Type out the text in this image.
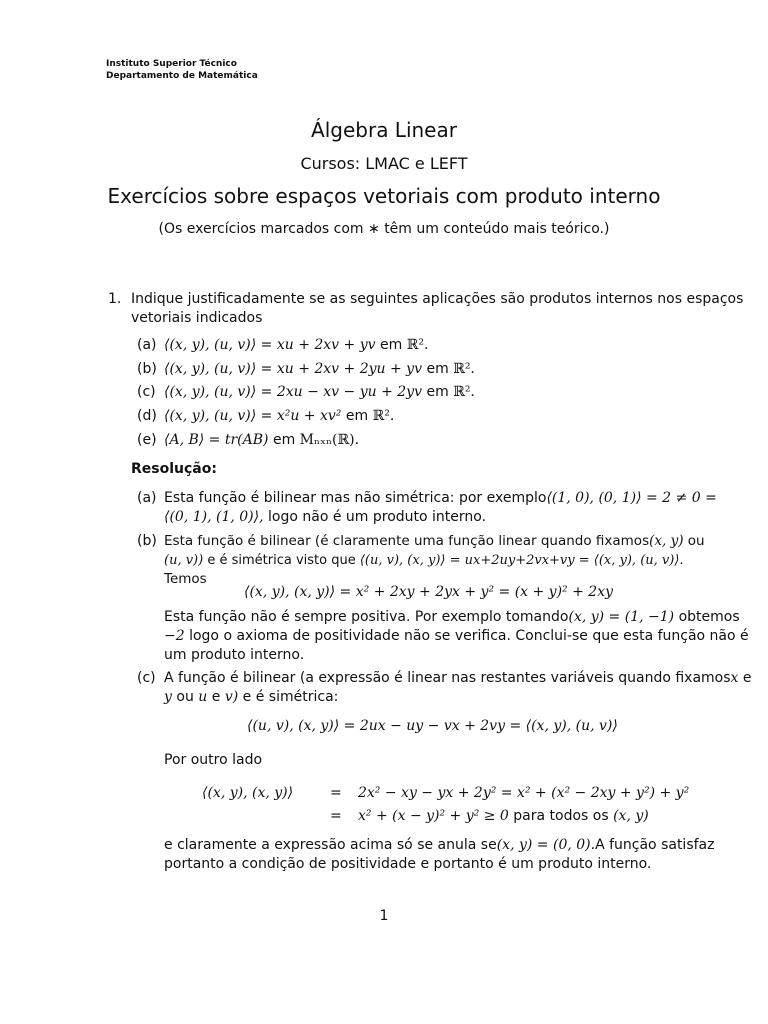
Instituto Superior Técnico
Departamento de Matemática
Álgebra Linear
Cursos: LMAC e LEFT
Exercícios sobre espaços vetoriais com produto interno
(Os exercícios marcados com ∗ têm um conteúdo mais teórico.)
1. Indique justificadamente se as seguintes aplicações são produtos internos nos espaços
vetoriais indicados
(a) ⟨(x, y), (u, v)⟩ = xu + 2xv + yv em ℝ².
(b) ⟨(x, y), (u, v)⟩ = xu + 2xv + 2yu + yv em ℝ².
(c) ⟨(x, y), (u, v)⟩ = 2xu − xv − yu + 2yv em ℝ².
(d) ⟨(x, y), (u, v)⟩ = x²u + xv² em ℝ².
(e) ⟨A, B⟩ = tr(AB) em Mₙₓₙ(ℝ).
Resolução:
(a) Esta função é bilinear mas não simétrica: por exemplo ⟨(1, 0), (0, 1)⟩ = 2 ≠ 0 =
⟨(0, 1), (1, 0)⟩, logo não é um produto interno.
(b) Esta função é bilinear (é claramente uma função linear quando fixamos (x, y) ou
(u, v)) e é simétrica visto que ⟨(u, v), (x, y)⟩ = ux+2uy+2vx+vy = ⟨(x, y), (u, v)⟩.
Temos
⟨(x, y), (x, y)⟩ = x² + 2xy + 2yx + y² = (x + y)² + 2xy
Esta função não é sempre positiva. Por exemplo tomando (x, y) = (1, −1) obtemos
−2 logo o axioma de positividade não se verifica. Conclui-se que esta função não é
um produto interno.
(c) A função é bilinear (a expressão é linear nas restantes variáveis quando fixamos x e
y ou u e v) e é simétrica:
⟨(u, v), (x, y)⟩ = 2ux − uy − vx + 2vy = ⟨(x, y), (u, v)⟩
Por outro lado
⟨(x, y), (x, y)⟩	= 2x² − xy − yx + 2y² = x² + (x² − 2xy + y²) + y²
= x² + (x − y)² + y² ≥ 0 para todos os (x, y)
e claramente a expressão acima só se anula se (x, y) = (0, 0). A função satisfaz
portanto a condição de positividade e portanto é um produto interno.
1
